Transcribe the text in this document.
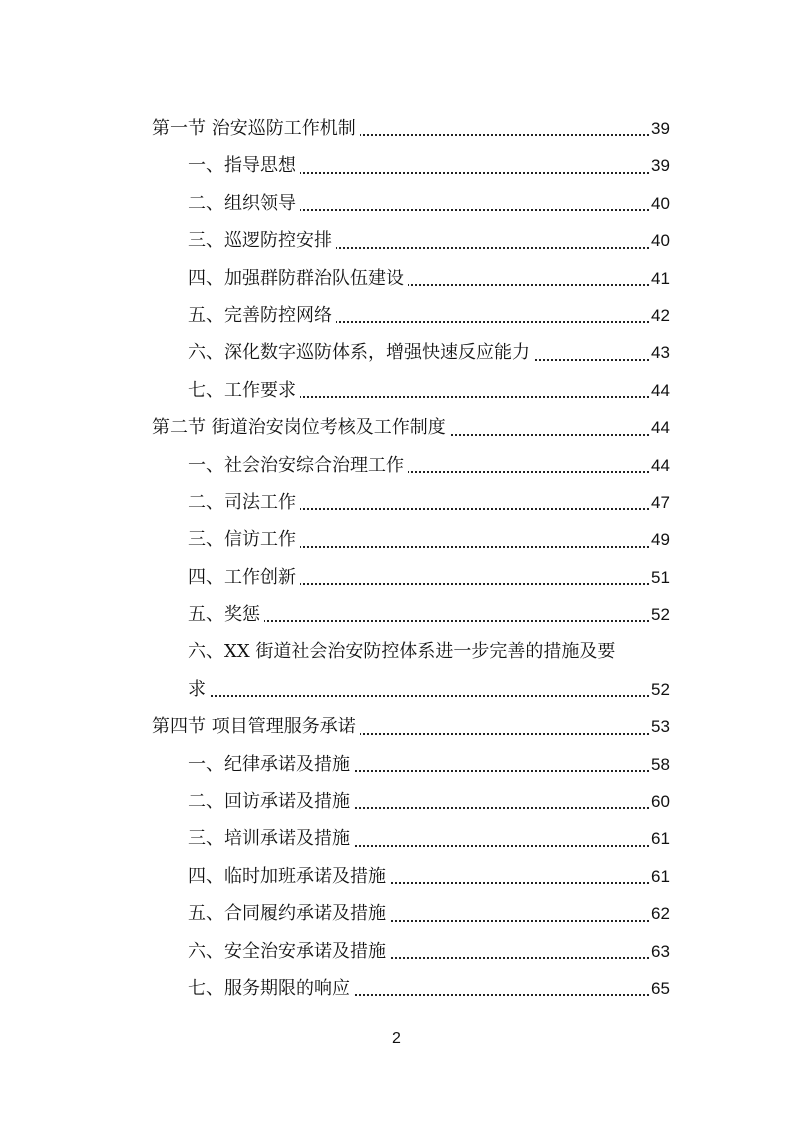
第一节 治安巡防工作机制	39
一、指导思想	39
二、组织领导	40
三、巡逻防控安排	40
四、加强群防群治队伍建设	41
五、完善防控网络	42
六、深化数字巡防体系，增强快速反应能力	43
七、工作要求	44
第二节 街道治安岗位考核及工作制度	44
一、社会治安综合治理工作	44
二、司法工作	47
三、信访工作	49
四、工作创新	51
五、奖惩	52
六、XX 街道社会治安防控体系进一步完善的措施及要
求	52
第四节 项目管理服务承诺	53
一、纪律承诺及措施	58
二、回访承诺及措施	60
三、培训承诺及措施	61
四、临时加班承诺及措施	61
五、合同履约承诺及措施	62
六、安全治安承诺及措施	63
七、服务期限的响应	65
2
